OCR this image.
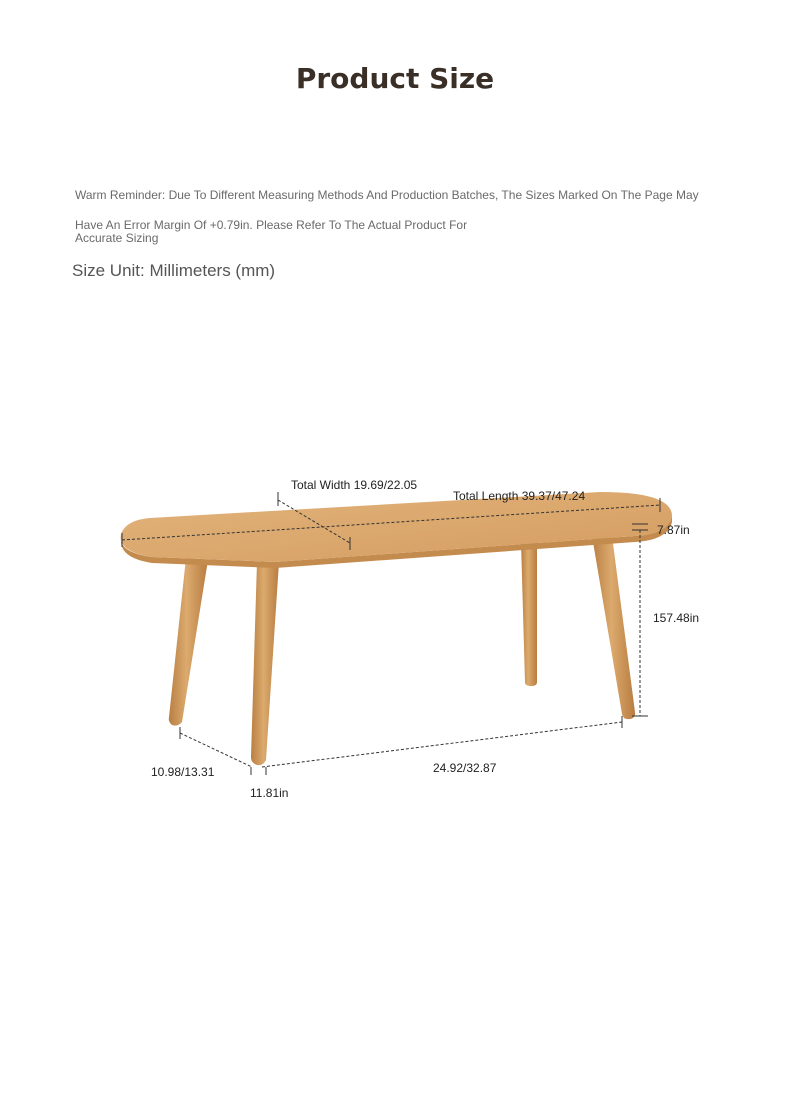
Product Size
Warm Reminder: Due To Different Measuring Methods And Production Batches, The Sizes Marked On The Page May
Have An Error Margin Of +0.79in. Please Refer To The Actual Product For Accurate Sizing
Size Unit: Millimeters (mm)
Total Width 19.69/22.05
Total Length 39.37/47.24
7.87in
157.48in
10.98/13.31	24.92/32.87
11.81in
